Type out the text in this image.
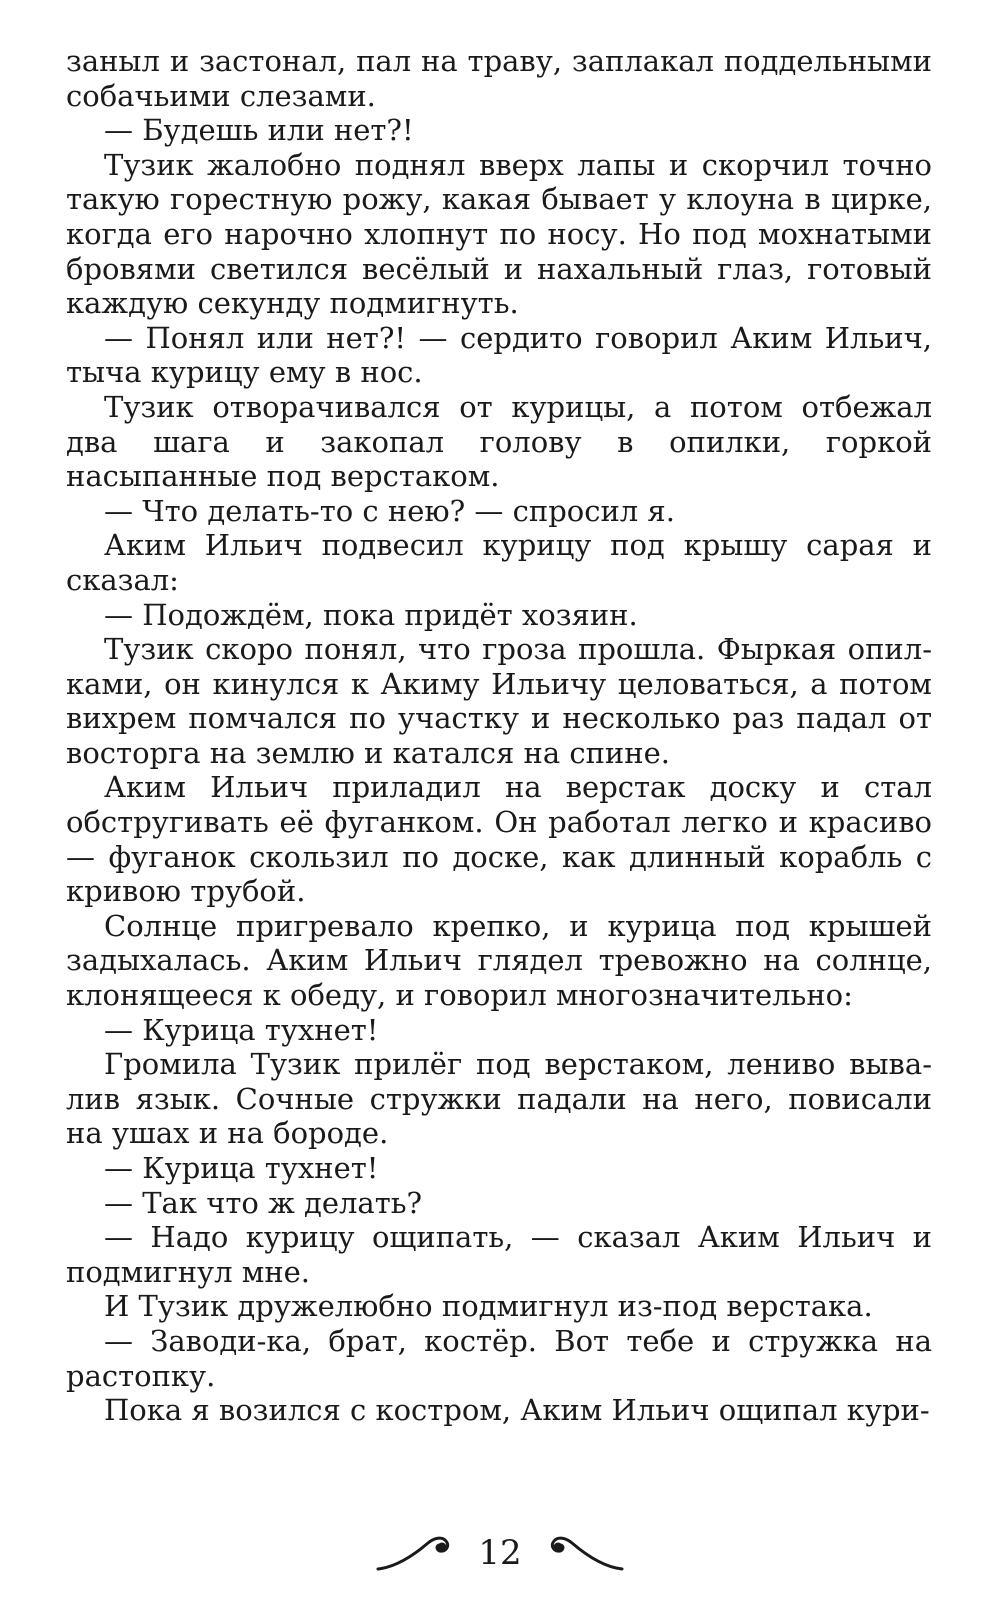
заныл и застонал, пал на траву, заплакал поддельными собачьими слезами.

— Будешь или нет?!

Тузик жалобно поднял вверх лапы и скорчил точно такую горестную рожу, какая бывает у клоуна в цирке, когда его нарочно хлопнут по носу. Но под мохнатыми бровями светился весёлый и нахальный глаз, готовый каждую секунду подмигнуть.

— Понял или нет?! — сердито говорил Аким Ильич, тыча курицу ему в нос.

Тузик отворачивался от курицы, а потом отбежал два шага и закопал голову в опилки, горкой насыпанные под верстаком.

— Что делать-то с нею? — спросил я.

Аким Ильич подвесил курицу под крышу сарая и сказал:

— Подождём, пока придёт хозяин.

Тузик скоро понял, что гроза прошла. Фыркая опилками, он кинулся к Акиму Ильичу целоваться, а потом вихрем помчался по участку и несколько раз падал от восторга на землю и катался на спине.

Аким Ильич приладил на верстак доску и стал обстругивать её фуганком. Он работал легко и красиво — фуганок скользил по доске, как длинный корабль с кривою трубой.

Солнце пригревало крепко, и курица под крышей задыхалась. Аким Ильич глядел тревожно на солнце, клонящееся к обеду, и говорил многозначительно:

— Курица тухнет!

Громила Тузик прилёг под верстаком, лениво вывалив язык. Сочные стружки падали на него, повисали на ушах и на бороде.

— Курица тухнет!

— Так что ж делать?

— Надо курицу ощипать, — сказал Аким Ильич и подмигнул мне.

И Тузик дружелюбно подмигнул из-под верстака.

— Заводи-ка, брат, костёр. Вот тебе и стружка на растопку.

Пока я возился с костром, Аким Ильич ощипал кури-

12
